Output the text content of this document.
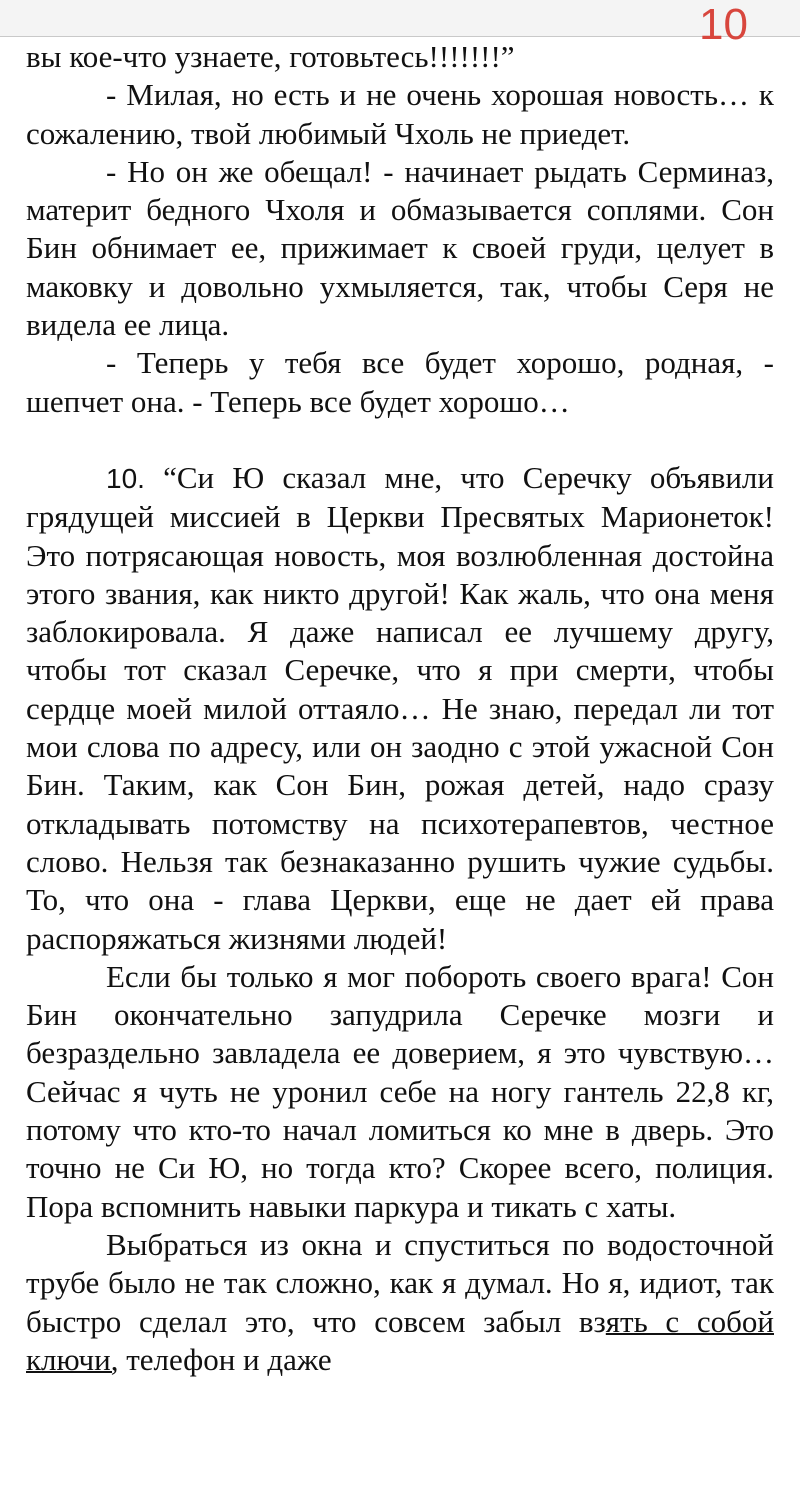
10

вы кое-что узнаете, готовьтесь!!!!!!!”

- Милая, но есть и не очень хорошая новость… к сожалению, твой любимый Чхоль не приедет.

- Но он же обещал! - начинает рыдать Серминаз, материт бедного Чхоля и обмазывается соплями. Сон Бин обнимает ее, прижимает к своей груди, целует в маковку и довольно ухмыляется, так, чтобы Серя не видела ее лица.

- Теперь у тебя все будет хорошо, родная, - шепчет она. - Теперь все будет хорошо…

10. “Си Ю сказал мне, что Серечку объявили грядущей миссией в Церкви Пресвятых Марионеток! Это потрясающая новость, моя возлюбленная достойна этого звания, как никто другой! Как жаль, что она меня заблокировала. Я даже написал ее лучшему другу, чтобы тот сказал Серечке, что я при смерти, чтобы сердце моей милой оттаяло… Не знаю, передал ли тот мои слова по адресу, или он заодно с этой ужасной Сон Бин. Таким, как Сон Бин, рожая детей, надо сразу откладывать потомству на психотерапевтов, честное слово. Нельзя так безнаказанно рушить чужие судьбы. То, что она - глава Церкви, еще не дает ей права распоряжаться жизнями людей!

Если бы только я мог побороть своего врага! Сон Бин окончательно запудрила Серечке мозги и безраздельно завладела ее доверием, я это чувствую… Сейчас я чуть не уронил себе на ногу гантель 22,8 кг, потому что кто-то начал ломиться ко мне в дверь. Это точно не Си Ю, но тогда кто? Скорее всего, полиция. Пора вспомнить навыки паркура и тикать с хаты.

Выбраться из окна и спуститься по водосточной трубе было не так сложно, как я думал. Но я, идиот, так быстро сделал это, что совсем забыл взять с собой ключи, телефон и даже
